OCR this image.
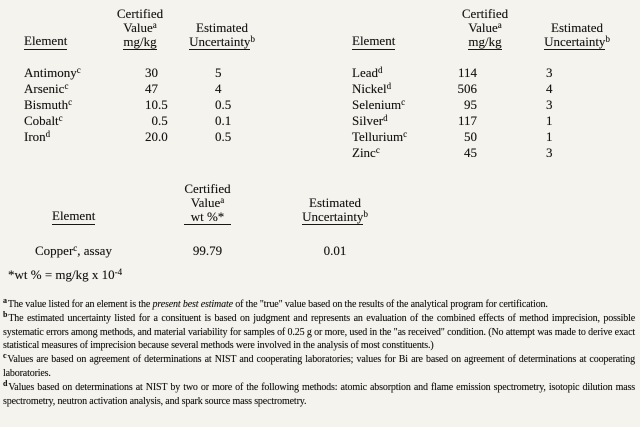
Element
Certified
Value$^a$
mg/kg
Estimated
Uncertainty$^b$
Antimony$^c$	30	5
Arsenic$^c$	47	4
Bismuth$^c$	10 .5	0.5
Cobalt$^c$	0 .5	0.1
Iron$^d$	20 .0	0.5
Element
Certified
Value$^a$
mg/kg
Estimated
Uncertainty$^b$
Lead$^d$	114	3
Nickel$^d$	506	4
Selenium$^c$	95	3
Silver$^d$	117	1
Tellurium$^c$	50	1
Zinc$^c$	45	3
Element
Certified
Value$^a$
wt %*
Estimated
Uncertainty$^b$
Copper$^c$, assay	99.79	0.01
*wt % = mg/kg x $10^{-4}$

$^a$The value listed for an element is the present best estimate of the "true" value based on the results of the analytical program for certification.

$^b$The estimated uncertainty listed for a consituent is based on judgment and represents an evaluation of the combined effects of method imprecision, possible systematic errors among methods, and material variability for samples of 0.25 g or more, used in the "as received" condition. (No attempt was made to derive exact statistical measures of imprecision because several methods were involved in the analysis of most constituents.)

$^c$Values are based on agreement of determinations at NIST and cooperating laboratories; values for Bi are based on agreement of determinations at cooperating laboratories.

$^d$Values based on determinations at NIST by two or more of the following methods: atomic absorption and flame emission spectrometry, isotopic dilution mass spectrometry, neutron activation analysis, and spark source mass spectrometry.
